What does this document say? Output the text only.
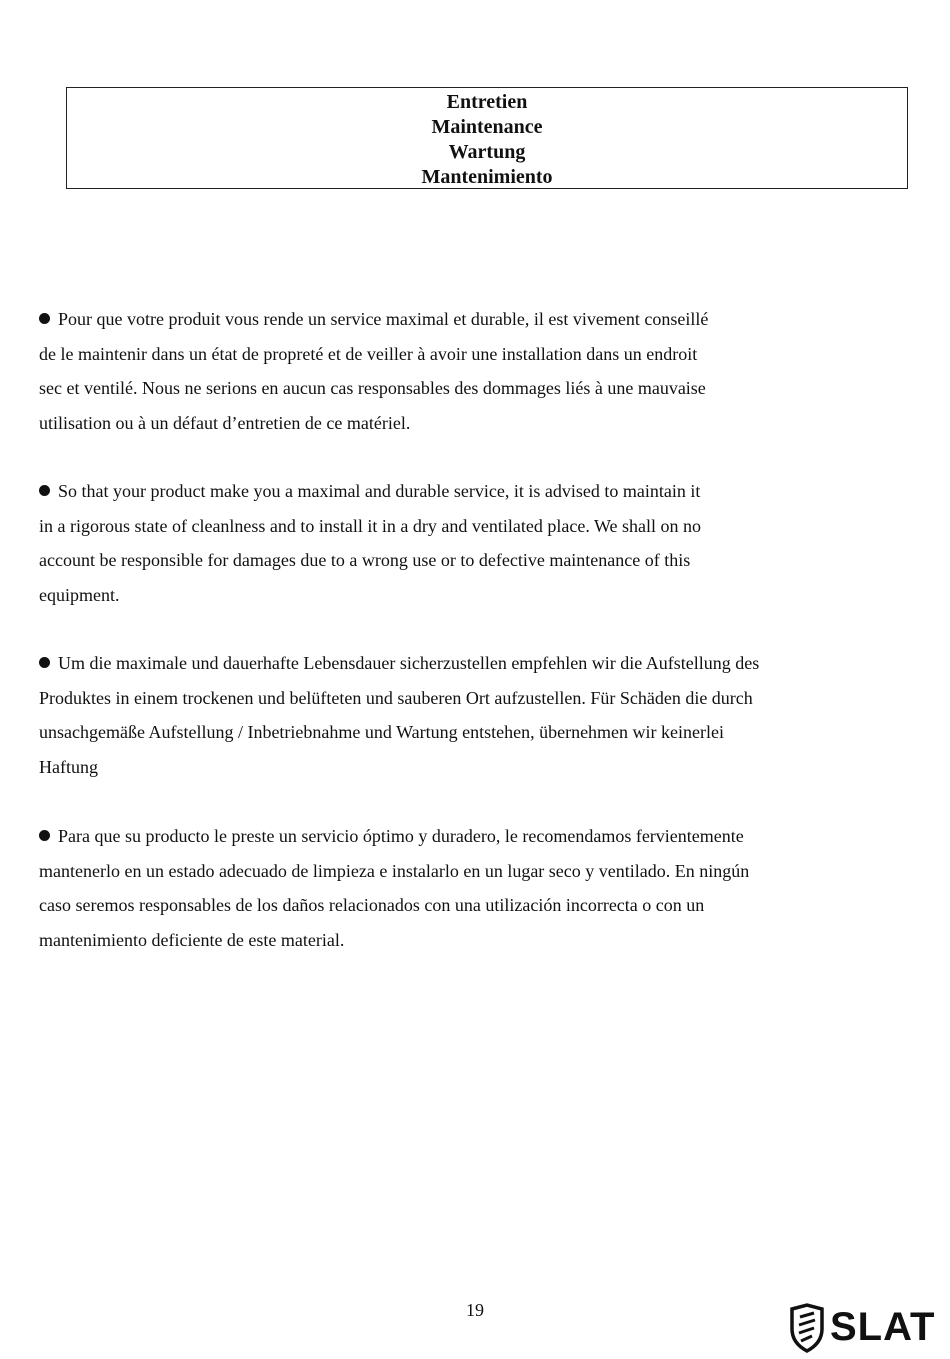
Entretien
Maintenance
Wartung
Mantenimiento
Pour que votre produit vous rende un service maximal et durable, il est vivement conseillé
de le maintenir dans un état de propreté et de veiller à avoir une installation dans un endroit
sec et ventilé. Nous ne serions en aucun cas responsables des dommages liés à une mauvaise
utilisation ou à un défaut d’entretien de ce matériel.
So that your product make you a maximal and durable service, it is advised to maintain it
in a rigorous state of cleanlness and to install it in a dry and ventilated place. We shall on no
account be responsible for damages due to a wrong use or to defective maintenance of this
equipment.
Um die maximale und dauerhafte Lebensdauer sicherzustellen empfehlen wir die Aufstellung des
Produktes in einem trockenen und belüfteten und sauberen Ort aufzustellen. Für Schäden die durch
unsachgemäße Aufstellung / Inbetriebnahme und Wartung entstehen, übernehmen wir keinerlei
Haftung
Para que su producto le preste un servicio óptimo y duradero, le recomendamos fervientemente
mantenerlo en un estado adecuado de limpieza e instalarlo en un lugar seco y ventilado. En ningún
caso seremos responsables de los daños relacionados con una utilización incorrecta o con un
mantenimiento deficiente de este material.
19	SLAT
